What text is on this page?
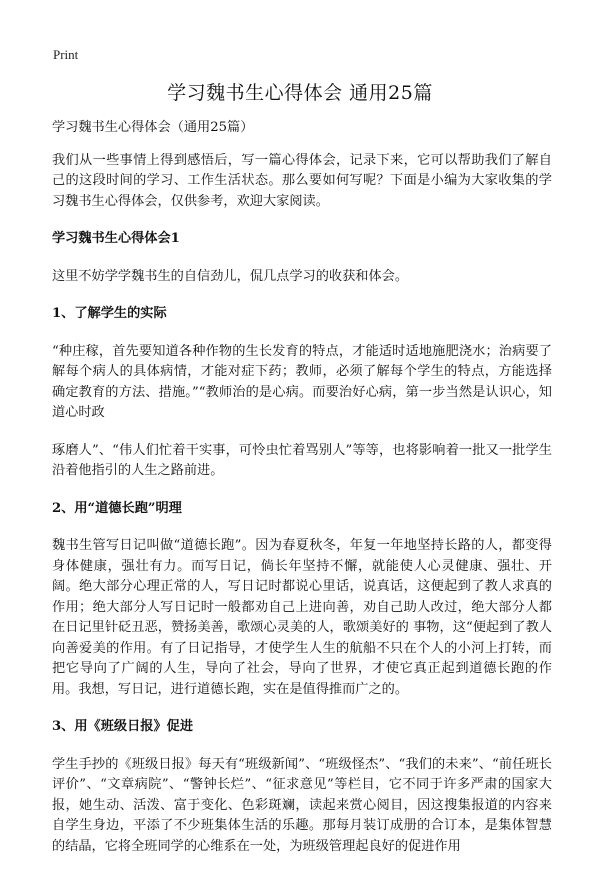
Print
学习魏书生心得体会 通用25篇

学习魏书生心得体会（通用25篇）

我们从一些事情上得到感悟后，写一篇心得体会，记录下来，它可以帮助我们了解自己的这段时间的学习、工作生活状态。那么要如何写呢？下面是小编为大家收集的学习魏书生心得体会，仅供参考，欢迎大家阅读。

学习魏书生心得体会1

这里不妨学学魏书生的自信劲儿，侃几点学习的收获和体会。

1、了解学生的实际

“种庄稼，首先要知道各种作物的生长发育的特点，才能适时适地施肥浇水；治病要了解每个病人的具体病情，才能对症下药；教师，必须了解每个学生的特点，方能选择确定教育的方法、措施。”“教师治的是心病。而要治好心病，第一步当然是认识心，知道心时政

琢磨人”、“伟人们忙着干实事，可怜虫忙着骂别人”等等，也将影响着一批又一批学生沿着他指引的人生之路前进。

2、用“道德长跑”明理

魏书生管写日记叫做“道德长跑”。因为春夏秋冬，年复一年地坚持长路的人，都变得身体健康，强壮有力。而写日记，倘长年坚持不懈，就能使人心灵健康、强壮、开阔。绝大部分心理正常的人，写日记时都说心里话，说真话，这便起到了教人求真的作用；绝大部分人写日记时一般都劝自己上进向善，劝自己助人改过，绝大部分人都在日记里针砭丑恶，赞扬美善，歌颂心灵美的人，歌颂美好的 事物，这“便起到了教人向善爱美的作用。有了日记指导，才使学生人生的航船不只在个人的小河上打转，而把它导向了广阔的人生，导向了社会，导向了世界，才使它真正起到道德长跑的作用。我想，写日记，进行道德长跑，实在是值得推而广之的。

3、用《班级日报》促进

学生手抄的《班级日报》每天有“班级新闻”、“班级怪杰”、“我们的未来”、“前任班长评价”、“文章病院”、“警钟长烂”、“征求意见”等栏目，它不同于许多严肃的国家大报，她生动、活泼、富于变化、色彩斑斓，读起来赏心阅目，因这搜集报道的内容来自学生身边，平添了不少班集体生活的乐趣。那每月装订成册的合订本，是集体智慧的结晶，它将全班同学的心维系在一处，为班级管理起良好的促进作用
